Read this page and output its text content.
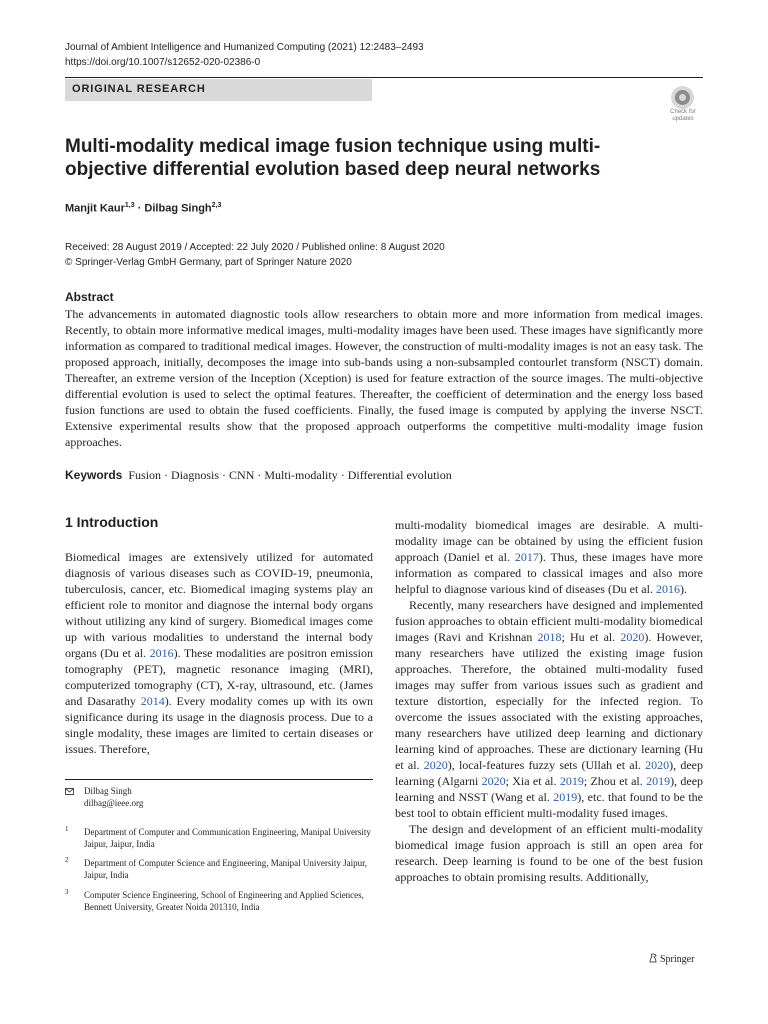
Journal of Ambient Intelligence and Humanized Computing (2021) 12:2483–2493
https://doi.org/10.1007/s12652-020-02386-0
ORIGINAL RESEARCH
Check for
updates
Multi-modality medical image fusion technique using multi-objective differential evolution based deep neural networks
Manjit Kaur$^{1,3}$ · Dilbag Singh$^{2,3}$
Received: 28 August 2019 / Accepted: 22 July 2020 / Published online: 8 August 2020
© Springer-Verlag GmbH Germany, part of Springer Nature 2020
Abstract
The advancements in automated diagnostic tools allow researchers to obtain more and more information from medical images. Recently, to obtain more informative medical images, multi-modality images have been used. These images have significantly more information as compared to traditional medical images. However, the construction of multi-modality images is not an easy task. The proposed approach, initially, decomposes the image into sub-bands using a non-subsampled contourlet transform (NSCT) domain. Thereafter, an extreme version of the Inception (Xception) is used for feature extraction of the source images. The multi-objective differential evolution is used to select the optimal features. Thereafter, the coefficient of determination and the energy loss based fusion functions are used to obtain the fused coefficients. Finally, the fused image is computed by applying the inverse NSCT. Extensive experimental results show that the proposed approach outperforms the competitive multi-modality image fusion approaches.
Keywords Fusion · Diagnosis · CNN · Multi-modality · Differential evolution
1 Introduction

Biomedical images are extensively utilized for automated diagnosis of various diseases such as COVID-19, pneumonia, tuberculosis, cancer, etc. Biomedical imaging systems play an efficient role to monitor and diagnose the internal body organs without utilizing any kind of surgery. Biomedical images come up with various modalities to understand the internal body organs (Du et al. 2016). These modalities are positron emission tomography (PET), magnetic resonance imaging (MRI), computerized tomography (CT), X-ray, ultrasound, etc. (James and Dasarathy 2014). Every modality comes up with its own significance during its usage in the diagnosis process. Due to a single modality, these images are limited to certain diseases or issues. Therefore,

multi-modality biomedical images are desirable. A multi-modality image can be obtained by using the efficient fusion approach (Daniel et al. 2017). Thus, these images have more information as compared to classical images and also more helpful to diagnose various kind of diseases (Du et al. 2016).

Recently, many researchers have designed and implemented fusion approaches to obtain efficient multi-modality biomedical images (Ravi and Krishnan 2018; Hu et al. 2020). However, many researchers have utilized the existing image fusion approaches. Therefore, the obtained multi-modality fused images may suffer from various issues such as gradient and texture distortion, especially for the infected region. To overcome the issues associated with the existing approaches, many researchers have utilized deep learning and dictionary learning kind of approaches. These are dictionary learning (Hu et al. 2020), local-features fuzzy sets (Ullah et al. 2020), deep learning (Algarni 2020; Xia et al. 2019; Zhou et al. 2019), deep learning and NSST (Wang et al. 2019), etc. that found to be the best tool to obtain efficient multi-modality fused images.

The design and development of an efficient multi-modality biomedical image fusion approach is still an open area for research. Deep learning is found to be one of the best fusion approaches to obtain promising results. Additionally,

Dilbag Singh
dilbag@ieee.org
1 Department of Computer and Communication Engineering, Manipal University Jaipur, Jaipur, India
2 Department of Computer Science and Engineering, Manipal University Jaipur, Jaipur, India
3 Computer Science Engineering, School of Engineering and Applied Sciences, Bennett University, Greater Noida 201310, India
Springer
